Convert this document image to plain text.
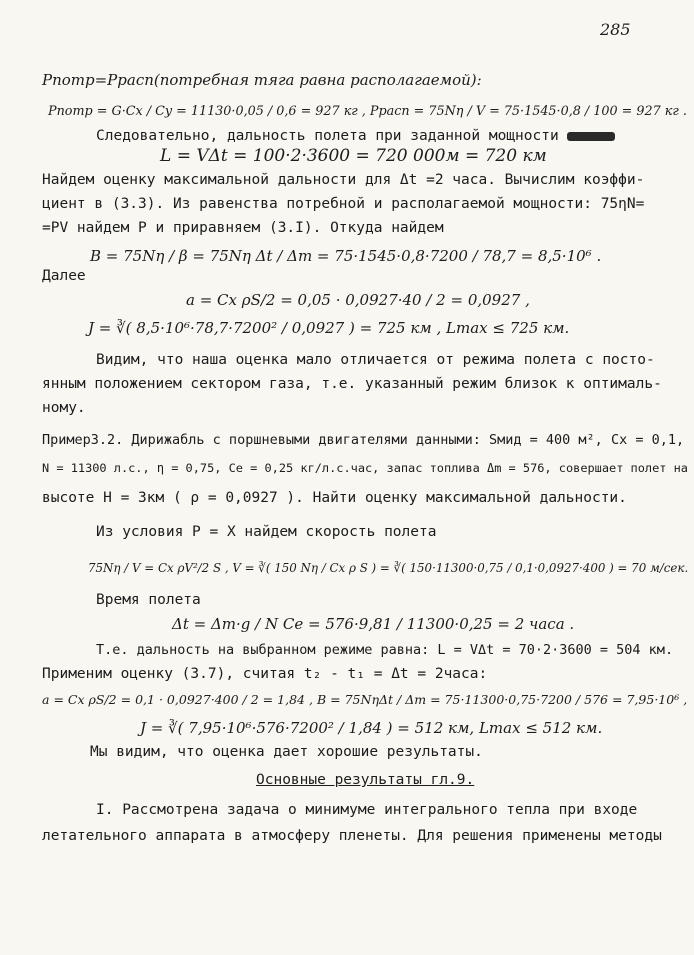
285
Pпотр=Pрасп(потребная тяга равна располагаемой):
Pпотр = G·Cx / Cy = 11130·0,05 / 0,6 = 927 кг , Pрасп = 75Nη / V = 75·1545·0,8 / 100 = 927 кг .
Следовательно, дальность полета при заданной мощности
L = VΔt = 100·2·3600 = 720 000м = 720 км
Найдем оценку максимальной дальности для Δt =2 часа. Вычислим коэффи-
циент в (3.3). Из равенства потребной и располагаемой мощности: 75ηN=
=PV найдем P и приравняем (3.I). Откуда найдем
B = 75Nη / β = 75Nη Δt / Δm = 75·1545·0,8·7200 / 78,7 = 8,5·10⁶ .
Далее
a = Cx ρS/2 = 0,05 · 0,0927·40 / 2 = 0,0927 ,
J = ∛( 8,5·10⁶·78,7·7200² / 0,0927 ) = 725 км , Lmax ≤ 725 км.
Видим, что наша оценка мало отличается от режима полета с посто-
янным положением сектором газа, т.е. указанный режим близок к оптималь-
ному.
Пример3.2. Дирижабль с поршневыми двигателями данными: Sмид = 400 м², Cx = 0,1,
N = 11300 л.с., η = 0,75, Ce = 0,25 кг/л.с.час, запас топлива Δm = 576, совершает полет на
высоте H = 3км ( ρ = 0,0927 ). Найти оценку максимальной дальности.
Из условия P = X найдем скорость полета
75Nη / V = Cx ρV²/2 S , V = ∛( 150 Nη / Cx ρ S ) = ∛( 150·11300·0,75 / 0,1·0,0927·400 ) = 70 м/сек.
Время полета
Δt = Δm·g / N Ce = 576·9,81 / 11300·0,25 = 2 часа .
Т.е. дальность на выбранном режиме равна: L = VΔt = 70·2·3600 = 504 км.
Применим оценку (3.7), считая t₂ - t₁ = Δt = 2часа:
a = Cx ρS/2 = 0,1 · 0,0927·400 / 2 = 1,84 , B = 75NηΔt / Δm = 75·11300·0,75·7200 / 576 = 7,95·10⁶ ,
J = ∛( 7,95·10⁶·576·7200² / 1,84 ) = 512 км, Lmax ≤ 512 км.
Мы видим, что оценка дает хорошие результаты.
Основные результаты гл.9.
I. Рассмотрена задача о минимуме интегрального тепла при входе
летательного аппарата в атмосферу пленеты. Для решения применены методы
